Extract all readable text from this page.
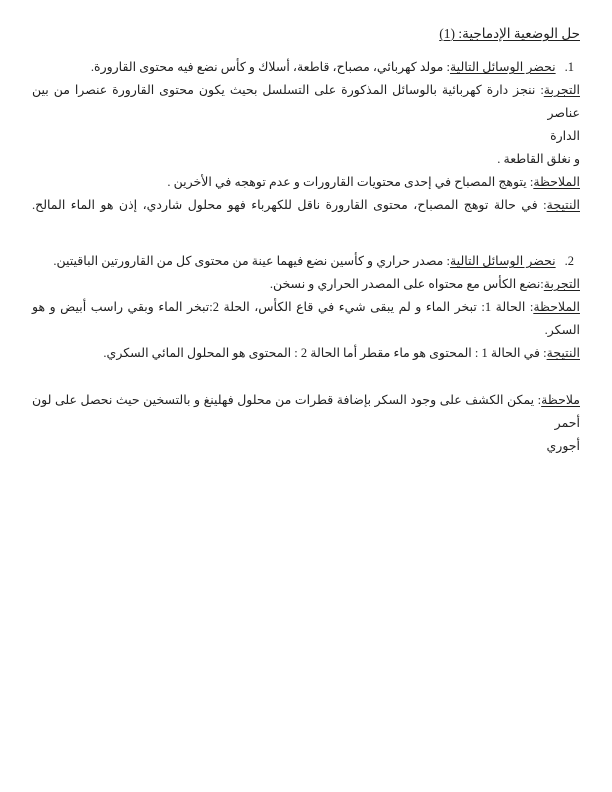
حل الوضعية الإدماجية: (1)

1.نحضر الوسائل التالية: مولد كهربائي، مصباح، قاطعة، أسلاك و كأس نضع فيه محتوى القارورة.

التجربة: ننجز دارة كهربائية بالوسائل المذكورة على التسلسل بحيث يكون محتوى القارورة عنصرا من بين عناصر

الدارة

و نغلق القاطعة .

الملاحظة: يتوهج المصباح في إحدى محتويات القارورات و عدم توهجه في الأخرين .

النتيجة: في حالة توهج المصباح، محتوى القارورة ناقل للكهرباء فهو محلول شاردي، إذن هو الماء المالح.

2.نحضر الوسائل التالية: مصدر حراري و كأسين نضع فيهما عينة من محتوى كل من القارورتين الباقيتين.

التجربة:نضع الكأس مع محتواه على المصدر الحراري و نسخن.

الملاحظة: الحالة 1: تبخر الماء و لم يبقى شيء في قاع الكأس، الحلة 2:تبخر الماء وبقي راسب أبيض و هو السكر.

النتيجة: في الحالة 1 : المحتوى هو ماء مقطر أما الحالة 2 : المحتوى هو المحلول المائي السكري.

ملاحظة: يمكن الكشف على وجود السكر بإضافة قطرات من محلول فهلينغ و بالتسخين حيث نحصل على لون أحمر

أجوري
